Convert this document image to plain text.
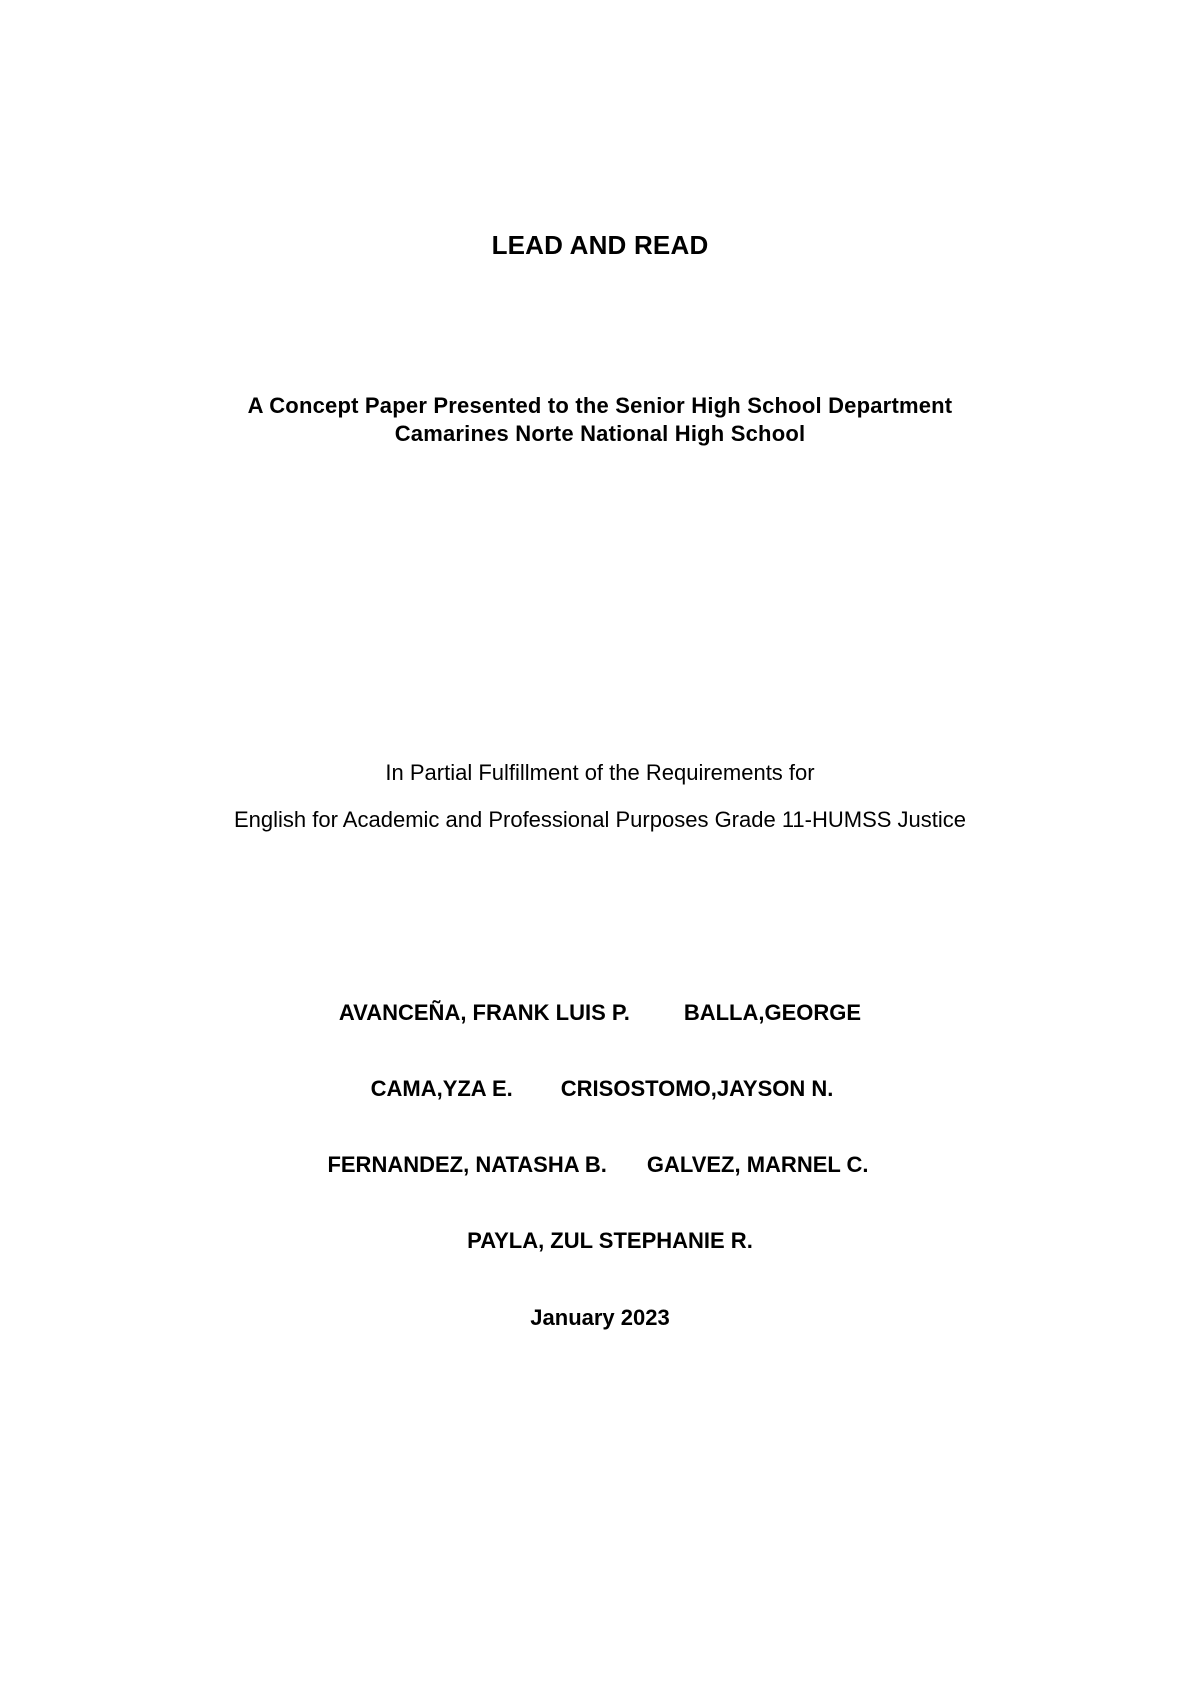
LEAD AND READ
A Concept Paper Presented to the Senior High School Department
Camarines Norte National High School
In Partial Fulfillment of the Requirements for
English for Academic and Professional Purposes Grade 11-HUMSS Justice
AVANCEÑA, FRANK LUIS P. BALLA,GEORGE
CAMA,YZA E. CRISOSTOMO,JAYSON N.
FERNANDEZ, NATASHA B. GALVEZ, MARNEL C.
PAYLA, ZUL STEPHANIE R.
January 2023
